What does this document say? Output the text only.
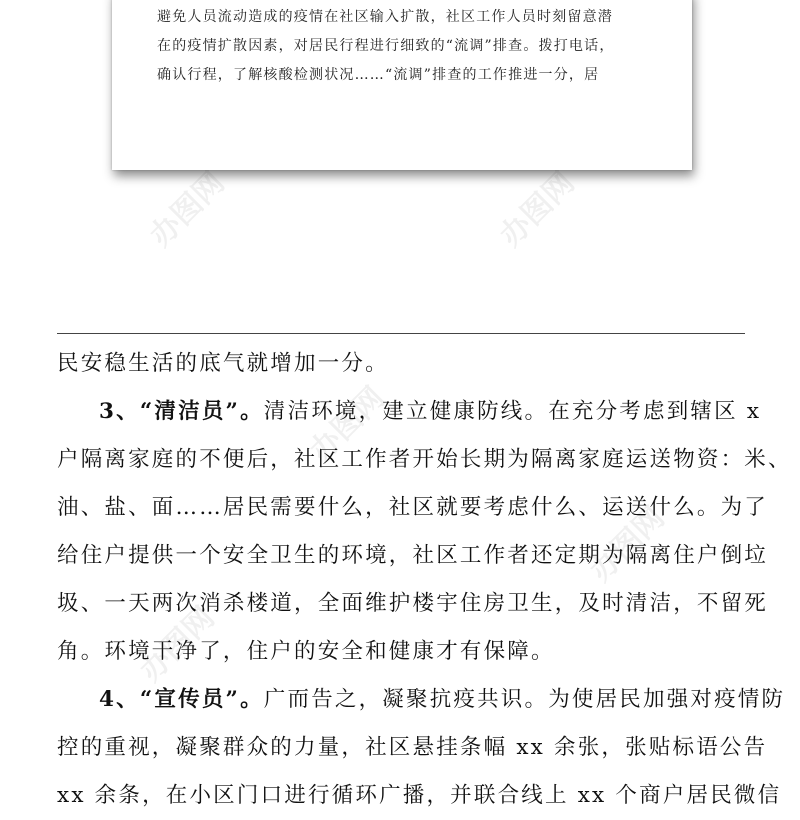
办图网	办图网
办图网
办图网
办图网
避免人员流动造成的疫情在社区输入扩散，社区工作人员时刻留意潜
在的疫情扩散因素，对居民行程进行细致的“流调”排查。拨打电话，
确认行程，了解核酸检测状况……“流调”排查的工作推进一分，居
民安稳生活的底气就增加一分。
3、“清洁员”。清洁环境，建立健康防线。在充分考虑到辖区 x
户隔离家庭的不便后，社区工作者开始长期为隔离家庭运送物资：米、
油、盐、面……居民需要什么，社区就要考虑什么、运送什么。为了
给住户提供一个安全卫生的环境，社区工作者还定期为隔离住户倒垃
圾、一天两次消杀楼道，全面维护楼宇住房卫生，及时清洁，不留死
角。环境干净了，住户的安全和健康才有保障。
4、“宣传员”。广而告之，凝聚抗疫共识。为使居民加强对疫情防
控的重视，凝聚群众的力量，社区悬挂条幅 xx 余张，张贴标语公告
xx 余条，在小区门口进行循环广播，并联合线上 xx 个商户居民微信
